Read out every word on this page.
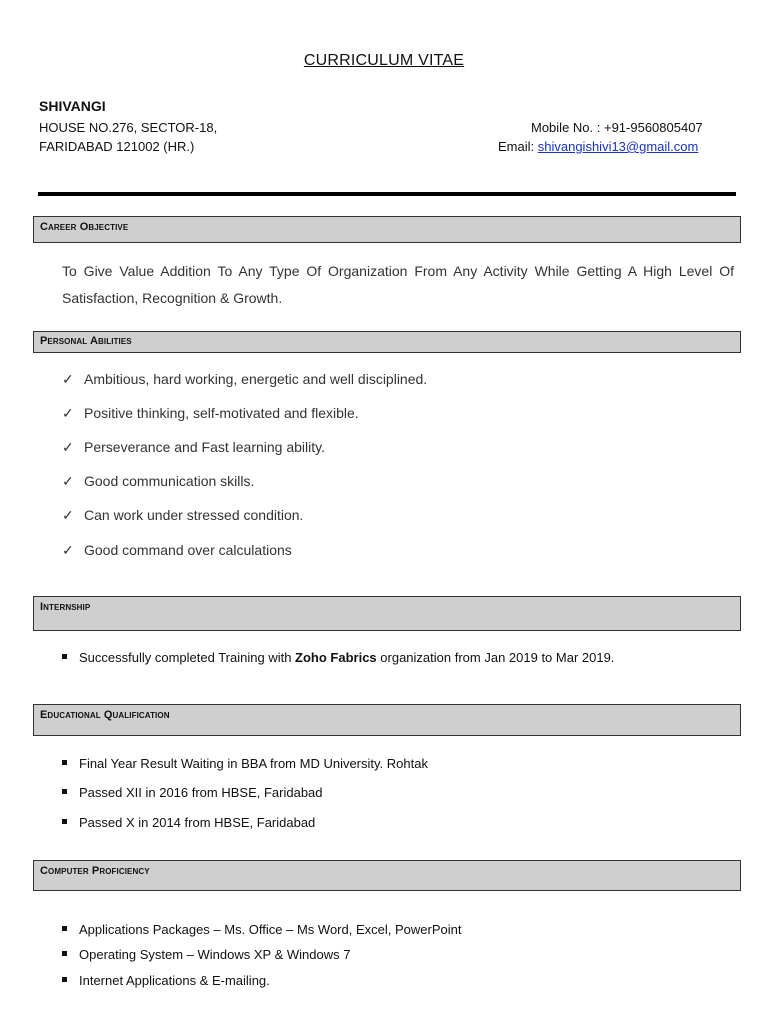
CURRICULUM VITAE
SHIVANGI
HOUSE NO.276, SECTOR-18,
FARIDABAD 121002 (HR.)
Mobile No. : +91-9560805407
Email: shivangishivi13@gmail.com
Career Objective
To Give Value Addition To Any Type Of Organization From Any Activity While Getting A High Level Of Satisfaction, Recognition & Growth.
Personal Abilities
✓ Ambitious, hard working, energetic and well disciplined.
✓ Positive thinking, self-motivated and flexible.
✓ Perseverance and Fast learning ability.
✓ Good communication skills.
✓ Can work under stressed condition.
✓ Good command over calculations
Internship
Successfully completed Training with Zoho Fabrics organization from Jan 2019 to Mar 2019.
Educational Qualification
Final Year Result Waiting in BBA from MD University. Rohtak
Passed XII in 2016 from HBSE, Faridabad
Passed X in 2014 from HBSE, Faridabad
Computer Proficiency
Applications Packages – Ms. Office – Ms Word, Excel, PowerPoint
Operating System – Windows XP & Windows 7
Internet Applications & E-mailing.
